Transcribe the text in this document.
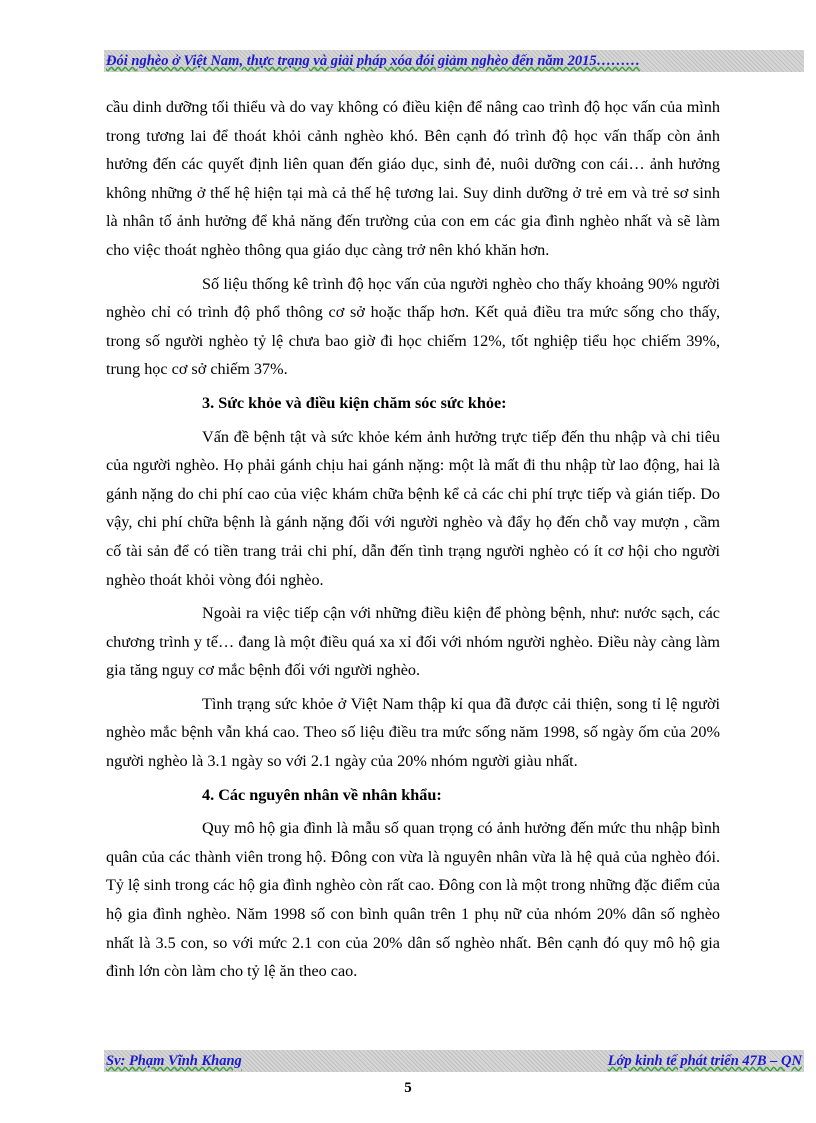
Đói nghèo ở Việt Nam, thực trạng và giải pháp xóa đói giảm nghèo đến năm 2015………

cầu dinh dưỡng tối thiểu và do vay không có điều kiện để nâng cao trình độ học vấn của mình trong tương lai để thoát khỏi cảnh nghèo khó. Bên cạnh đó trình độ học vấn thấp còn ảnh hưởng đến các quyết định liên quan đến giáo dục, sinh đẻ, nuôi dưỡng con cái… ảnh hưởng không những ở thế hệ hiện tại mà cả thế hệ tương lai. Suy dinh dưỡng ở trẻ em và trẻ sơ sinh là nhân tố ảnh hưởng để khả năng đến trường của con em các gia đình nghèo nhất và sẽ làm cho việc thoát nghèo thông qua giáo dục càng trở nên khó khăn hơn.

Số liệu thống kê trình độ học vấn của người nghèo cho thấy khoảng 90% người nghèo chỉ có trình độ phổ thông cơ sở hoặc thấp hơn. Kết quả điều tra mức sống cho thấy, trong số người nghèo tỷ lệ chưa bao giờ đi học chiếm 12%, tốt nghiệp tiểu học chiếm 39%, trung học cơ sở chiếm 37%.

3. Sức khỏe và điều kiện chăm sóc sức khỏe:

Vấn đề bệnh tật và sức khỏe kém ảnh hưởng trực tiếp đến thu nhập và chi tiêu của người nghèo. Họ phải gánh chịu hai gánh nặng: một là mất đi thu nhập từ lao động, hai là gánh nặng do chi phí cao của việc khám chữa bệnh kể cả các chi phí trực tiếp và gián tiếp. Do vậy, chi phí chữa bệnh là gánh nặng đối với người nghèo và đẩy họ đến chỗ vay mượn , cầm cố tài sản để có tiền trang trải chi phí, dẫn đến tình trạng người nghèo có ít cơ hội cho người nghèo thoát khỏi vòng đói nghèo.

Ngoài ra việc tiếp cận với những điều kiện để phòng bệnh, như: nước sạch, các chương trình y tế… đang là một điều quá xa xỉ đối với nhóm người nghèo. Điều này càng làm gia tăng nguy cơ mắc bệnh đối với người nghèo.

Tình trạng sức khỏe ở Việt Nam thập kỉ qua đã được cải thiện, song tỉ lệ người nghèo mắc bệnh vẫn khá cao. Theo số liệu điều tra mức sống năm 1998, số ngày ốm của 20% người nghèo là 3.1 ngày so với 2.1 ngày của 20% nhóm người giàu nhất.

4. Các nguyên nhân về nhân khẩu:

Quy mô hộ gia đình là mẫu số quan trọng có ảnh hưởng đến mức thu nhập bình quân của các thành viên trong hộ. Đông con vừa là nguyên nhân vừa là hệ quả của nghèo đói. Tỷ lệ sinh trong các hộ gia đình nghèo còn rất cao. Đông con là một trong những đặc điểm của hộ gia đình nghèo. Năm 1998 số con bình quân trên 1 phụ nữ của nhóm 20% dân số nghèo nhất là 3.5 con, so với mức 2.1 con của 20% dân số nghèo nhất. Bên cạnh đó quy mô hộ gia đình lớn còn làm cho tỷ lệ ăn theo cao.

Sv: Phạm Vĩnh Khang	Lớp kinh tế phát triển 47B – QN
5
